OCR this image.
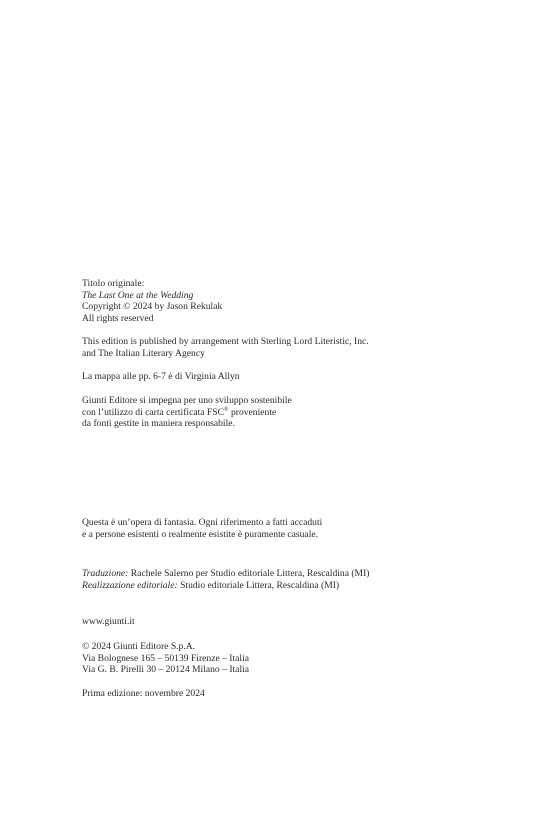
Titolo originale:
The Last One at the Wedding
Copyright © 2024 by Jason Rekulak
All rights reserved
This edition is published by arrangement with Sterling Lord Literistic, Inc.
and The Italian Literary Agency
La mappa alle pp. 6-7 è di Virginia Allyn
Giunti Editore si impegna per uno sviluppo sostenibile
con l’utilizzo di carta certificata FSC® proveniente
da fonti gestite in maniera responsabile.
Questa è un’opera di fantasia. Ogni riferimento a fatti accaduti
e a persone esistenti o realmente esistite è puramente casuale.
Traduzione: Rachele Salerno per Studio editoriale Littera, Rescaldina (MI)
Realizzazione editoriale: Studio editoriale Littera, Rescaldina (MI)
www.giunti.it
© 2024 Giunti Editore S.p.A.
Via Bolognese 165 – 50139 Firenze – Italia
Via G. B. Pirelli 30 – 20124 Milano – Italia
Prima edizione: novembre 2024
